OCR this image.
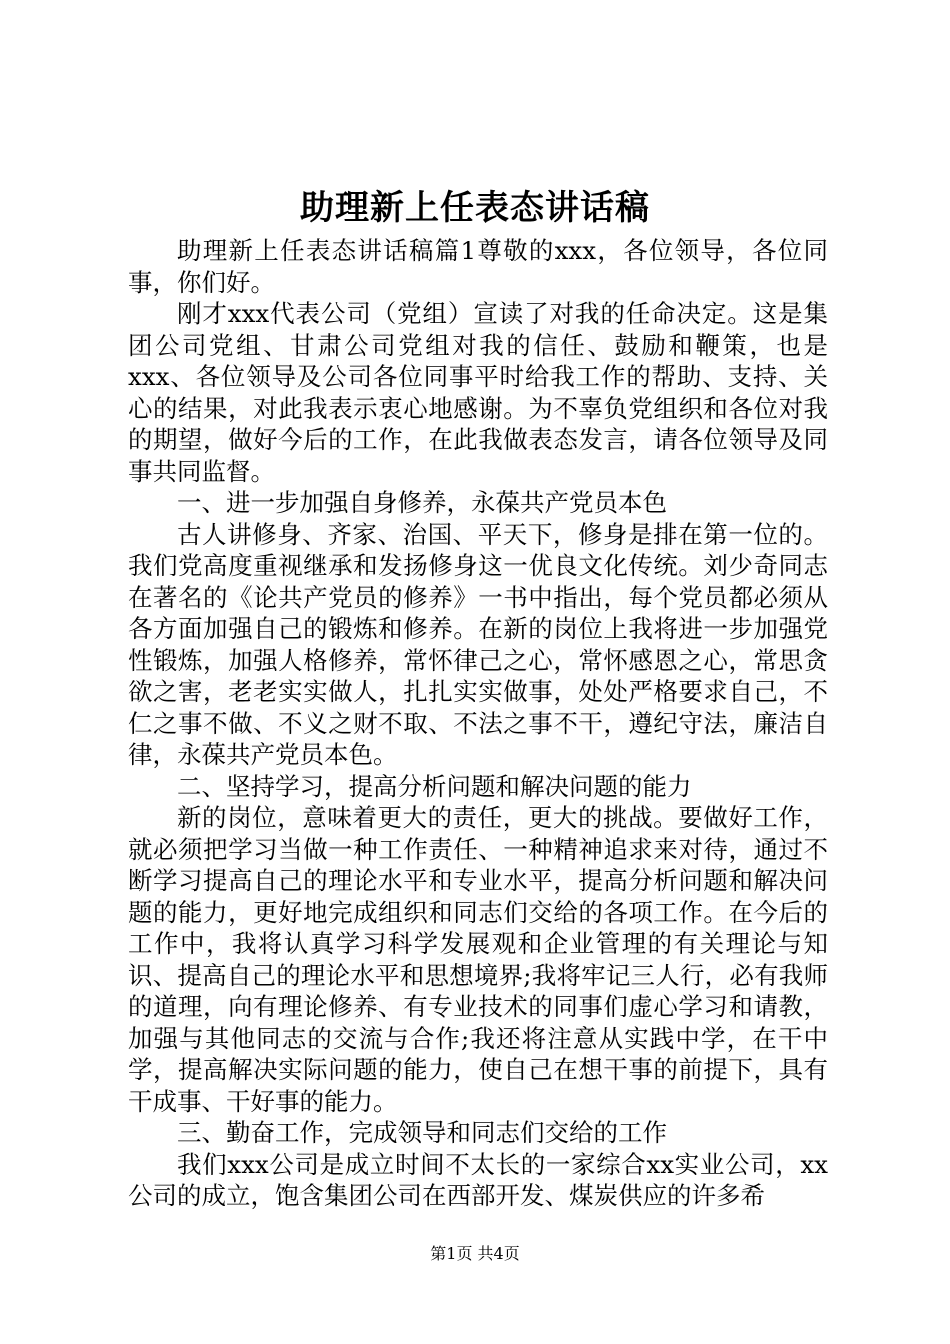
助理新上任表态讲话稿

助理新上任表态讲话稿篇1尊敬的xxx，各位领导，各位同事，你们好。

刚才xxx代表公司（党组）宣读了对我的任命决定。这是集团公司党组、甘肃公司党组对我的信任、鼓励和鞭策，也是xxx、各位领导及公司各位同事平时给我工作的帮助、支持、关心的结果，对此我表示衷心地感谢。为不辜负党组织和各位对我的期望，做好今后的工作，在此我做表态发言，请各位领导及同事共同监督。

一、进一步加强自身修养，永葆共产党员本色

古人讲修身、齐家、治国、平天下，修身是排在第一位的。我们党高度重视继承和发扬修身这一优良文化传统。刘少奇同志在著名的《论共产党员的修养》一书中指出，每个党员都必须从各方面加强自己的锻炼和修养。在新的岗位上我将进一步加强党性锻炼，加强人格修养，常怀律己之心，常怀感恩之心，常思贪欲之害，老老实实做人，扎扎实实做事，处处严格要求自己，不仁之事不做、不义之财不取、不法之事不干，遵纪守法，廉洁自律，永葆共产党员本色。

二、坚持学习，提高分析问题和解决问题的能力

新的岗位，意味着更大的责任，更大的挑战。要做好工作，就必须把学习当做一种工作责任、一种精神追求来对待，通过不断学习提高自己的理论水平和专业水平，提高分析问题和解决问题的能力，更好地完成组织和同志们交给的各项工作。在今后的工作中，我将认真学习科学发展观和企业管理的有关理论与知识、提高自己的理论水平和思想境界;我将牢记三人行，必有我师的道理，向有理论修养、有专业技术的同事们虚心学习和请教，加强与其他同志的交流与合作;我还将注意从实践中学，在干中学，提高解决实际问题的能力，使自己在想干事的前提下，具有干成事、干好事的能力。

三、勤奋工作，完成领导和同志们交给的工作

我们xxx公司是成立时间不太长的一家综合xx实业公司，xx公司的成立，饱含集团公司在西部开发、煤炭供应的许多希

第1页 共4页
